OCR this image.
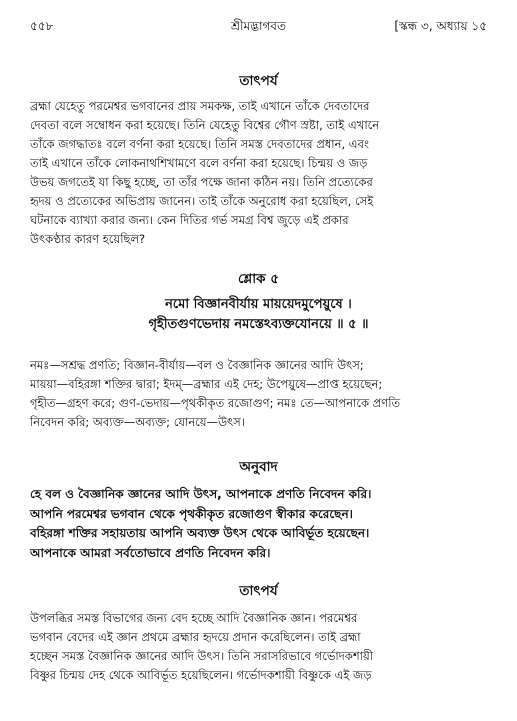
৫৫৮	শ্রীমদ্ভাগবত	[স্কন্ধ ৩, অধ্যায় ১৫
তাৎপর্য
ব্রহ্মা যেহেতু পরমেশ্বর ভগবানের প্রায় সমকক্ষ, তাই এখানে তাঁকে দেবতাদের
দেবতা বলে সম্বোধন করা হয়েছে। তিনি যেহেতু বিশ্বের গৌণ স্রষ্টা, তাই এখানে
তাঁকে জগদ্ধাতঃ বলে বর্ণনা করা হয়েছে। তিনি সমস্ত দেবতাদের প্রধান, এবং
তাই এখানে তাঁকে লোকনাথশিখামণে বলে বর্ণনা করা হয়েছে। চিন্ময় ও জড়
উভয় জগতেই যা কিছু হচ্ছে, তা তাঁর পক্ষে জানা কঠিন নয়। তিনি প্রত্যেকের
হৃদয় ও প্রত্যেকের অভিপ্রায় জানেন। তাই তাঁকে অনুরোধ করা হয়েছিল, সেই
ঘটনাকে ব্যাখ্যা করার জন্য। কেন দিতির গর্ভ সমগ্র বিশ্ব জুড়ে এই প্রকার
উৎকণ্ঠার কারণ হয়েছিল?
শ্লোক ৫
নমো বিজ্ঞানবীর্যায় মায়য়েদমুপেয়ুষে ।
গৃহীতগুণভেদায় নমস্তেঽব্যক্তযোনয়ে ॥ ৫ ॥
নমঃ—সশ্রদ্ধ প্রণতি; বিজ্ঞান-বীর্যায়—বল ও বৈজ্ঞানিক জ্ঞানের আদি উৎস;
মায়য়া—বহিরঙ্গা শক্তির দ্বারা; ইদম্—ব্রহ্মার এই দেহ; উপেয়ুষে—প্রাপ্ত হয়েছেন;
গৃহীত—গ্রহণ করে; গুণ-ভেদায়—পৃথকীকৃত রজোগুণ; নমঃ তে—আপনাকে প্রণতি
নিবেদন করি; অব্যক্ত—অব্যক্ত; যোনয়ে—উৎস।
অনুবাদ
হে বল ও বৈজ্ঞানিক জ্ঞানের আদি উৎস, আপনাকে প্রণতি নিবেদন করি।
আপনি পরমেশ্বর ভগবান থেকে পৃথকীকৃত রজোগুণ স্বীকার করেছেন।
বহিরঙ্গা শক্তির সহায়তায় আপনি অব্যক্ত উৎস থেকে আবির্ভূত হয়েছেন।
আপনাকে আমরা সর্বতোভাবে প্রণতি নিবেদন করি।
তাৎপর্য
উপলব্ধির সমস্ত বিভাগের জন্য বেদ হচ্ছে আদি বৈজ্ঞানিক জ্ঞান। পরমেশ্বর
ভগবান বেদের এই জ্ঞান প্রথমে ব্রহ্মার হৃদয়ে প্রদান করেছিলেন। তাই ব্রহ্মা
হচ্ছেন সমস্ত বৈজ্ঞানিক জ্ঞানের আদি উৎস। তিনি সরাসরিভাবে গর্ভোদকশায়ী
বিষ্ণুর চিন্ময় দেহ থেকে আবির্ভূত হয়েছিলেন। গর্ভোদকশায়ী বিষ্ণুকে এই জড়
